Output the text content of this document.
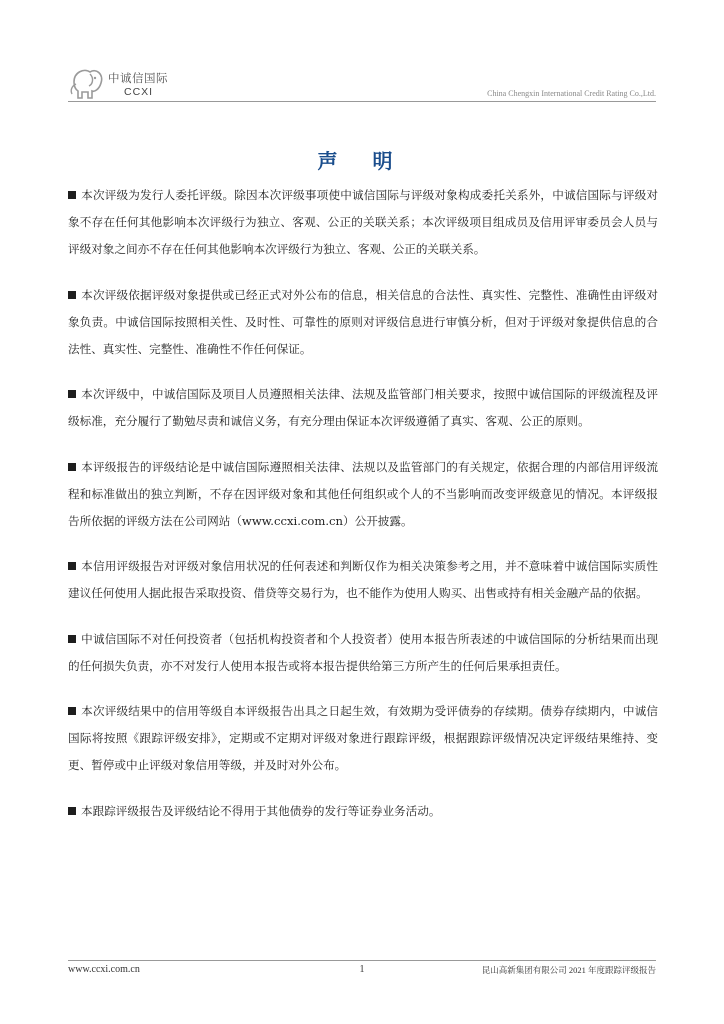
中诚信国际
CCXI	China Chengxin International Credit Rating Co.,Ltd.
声 明

本次评级为发行人委托评级。除因本次评级事项使中诚信国际与评级对象构成委托关系外，中诚信国际与评级对象不存在任何其他影响本次评级行为独立、客观、公正的关联关系；本次评级项目组成员及信用评审委员会人员与评级对象之间亦不存在任何其他影响本次评级行为独立、客观、公正的关联关系。

本次评级依据评级对象提供或已经正式对外公布的信息，相关信息的合法性、真实性、完整性、准确性由评级对象负责。中诚信国际按照相关性、及时性、可靠性的原则对评级信息进行审慎分析，但对于评级对象提供信息的合法性、真实性、完整性、准确性不作任何保证。

本次评级中，中诚信国际及项目人员遵照相关法律、法规及监管部门相关要求，按照中诚信国际的评级流程及评级标准，充分履行了勤勉尽责和诚信义务，有充分理由保证本次评级遵循了真实、客观、公正的原则。

本评级报告的评级结论是中诚信国际遵照相关法律、法规以及监管部门的有关规定，依据合理的内部信用评级流程和标准做出的独立判断，不存在因评级对象和其他任何组织或个人的不当影响而改变评级意见的情况。本评级报告所依据的评级方法在公司网站（www.ccxi.com.cn）公开披露。

本信用评级报告对评级对象信用状况的任何表述和判断仅作为相关决策参考之用，并不意味着中诚信国际实质性建议任何使用人据此报告采取投资、借贷等交易行为，也不能作为使用人购买、出售或持有相关金融产品的依据。

中诚信国际不对任何投资者（包括机构投资者和个人投资者）使用本报告所表述的中诚信国际的分析结果而出现的任何损失负责，亦不对发行人使用本报告或将本报告提供给第三方所产生的任何后果承担责任。

本次评级结果中的信用等级自本评级报告出具之日起生效，有效期为受评债券的存续期。债券存续期内，中诚信国际将按照《跟踪评级安排》，定期或不定期对评级对象进行跟踪评级，根据跟踪评级情况决定评级结果维持、变更、暂停或中止评级对象信用等级，并及时对外公布。

本跟踪评级报告及评级结论不得用于其他债券的发行等证券业务活动。

www.ccxi.com.cn	1	昆山高新集团有限公司 2021 年度跟踪评级报告
